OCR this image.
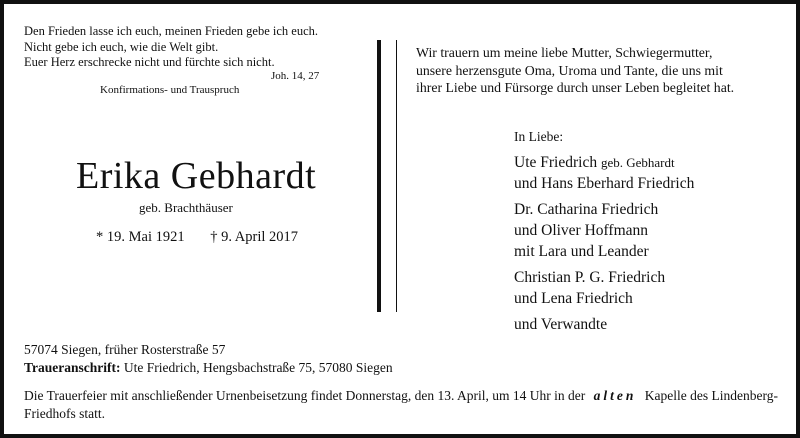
Den Frieden lasse ich euch, meinen Frieden gebe ich euch.
Nicht gebe ich euch, wie die Welt gibt.
Euer Herz erschrecke nicht und fürchte sich nicht.
Joh. 14, 27
Konfirmations- und Trauspruch
Erika Gebhardt
geb. Brachthäuser
* 19. Mai 1921 † 9. April 2017
Wir trauern um meine liebe Mutter, Schwiegermutter,
unsere herzensgute Oma, Uroma und Tante, die uns mit
ihrer Liebe und Fürsorge durch unser Leben begleitet hat.
In Liebe:
Ute Friedrich geb. Gebhardt
und Hans Eberhard Friedrich
Dr. Catharina Friedrich
und Oliver Hoffmann
mit Lara und Leander
Christian P. G. Friedrich
und Lena Friedrich
und Verwandte
57074 Siegen, früher Rosterstraße 57
Traueranschrift: Ute Friedrich, Hengsbachstraße 75, 57080 Siegen
Die Trauerfeier mit anschließender Urnenbeisetzung findet Donnerstag, den 13. April, um 14 Uhr in der alten Kapelle des Lindenberg-Friedhofs statt.
